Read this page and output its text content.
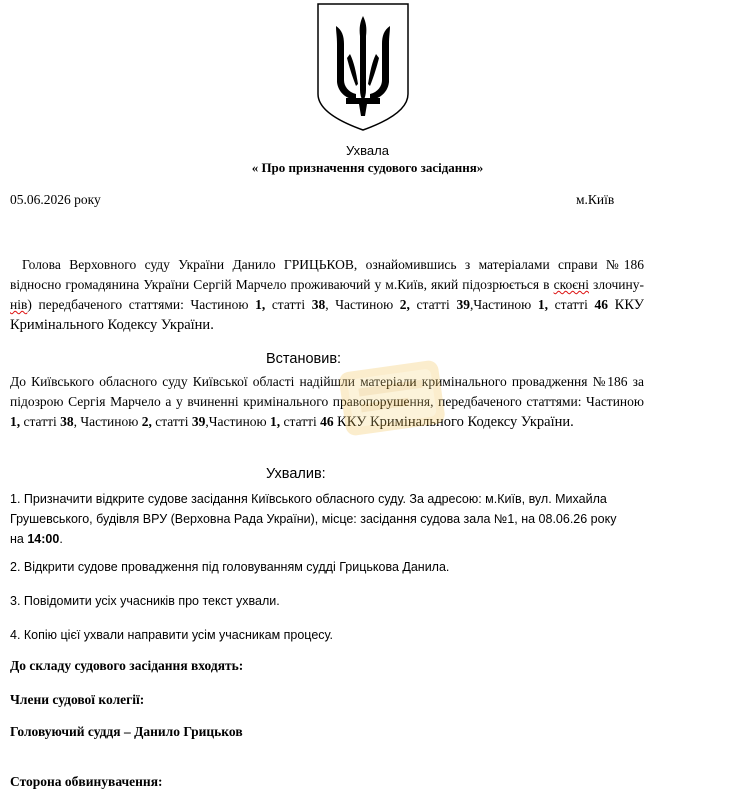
Ухвала
« Про призначення судового засідання»
05.06.2026 року	м.Київ
Голова Верховного суду України Данило ГРИЦЬКОВ, ознайомившись з матеріалами справи №186 відносно громадянина України Сергій Марчело проживаючий у м.Київ, який підозрюється в скоєні злочину-нів) передбаченого статтями: Частиною 1, статті 38, Частиною 2, статті 39,Частиною 1, статті 46 ККУ Кримінального Кодексу України.
Встановив:
До Київського обласного суду Київської області надійшли матеріали кримінального провадження №186 за підозрою Сергія Марчело а у вчиненні кримінального правопорушення, передбаченого статтями: Частиною 1, статті 38, Частиною 2, статті 39,Частиною 1, статті 46 ККУ Кримінального Кодексу України.
Ухвалив:
1. Призначити відкрите судове засідання Київського обласного суду. За адресою: м.Київ, вул. Михайла Грушевського, будівля ВРУ (Верховна Рада України), місце: засідання судова зала №1, на 08.06.26 року на 14:00.
2. Відкрити судове провадження під головуванням судді Грицькова Данила.
3. Повідомити усіх учасників про текст ухвали.
4. Копію цієї ухвали направити усім учасникам процесу.
До складу судового засідання входять:
Члени судової колегії:
Головуючий суддя – Данило Грицьков
Сторона обвинувачення:
